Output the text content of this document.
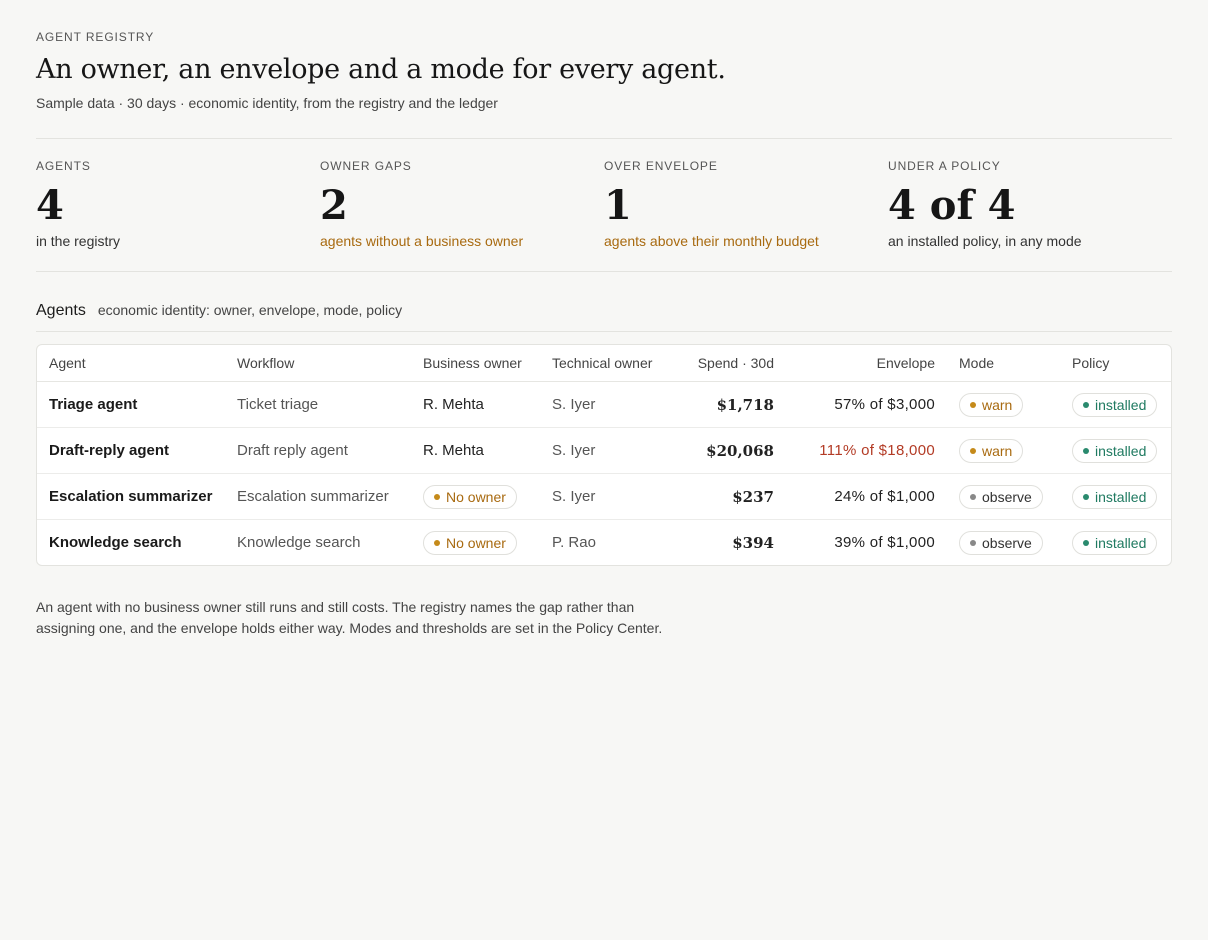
AGENT REGISTRY
An owner, an envelope and a mode for every agent.
Sample data · 30 days · economic identity, from the registry and the ledger
AGENTS
4
in the registry
OWNER GAPS
2
agents without a business owner
OVER ENVELOPE
1
agents above their monthly budget
UNDER A POLICY
4 of 4
an installed policy, in any mode
Agents economic identity: owner, envelope, mode, policy
Agent	Workflow	Business owner	Technical owner	Spend · 30d	Envelope	Mode	Policy
Triage agent	Ticket triage	R. Mehta	S. Iyer	$1,718	57% of $3,000	warn	installed

Draft-reply agent	Draft reply agent	R. Mehta	S. Iyer	$20,068	111% of $18,000	warn	installed

Escalation summarizer	Escalation summarizer	No owner	S. Iyer	$237	24% of $1,000	observe	installed

Knowledge search	Knowledge search	No owner	P. Rao	$394	39% of $1,000	observe	installed
An agent with no business owner still runs and still costs. The registry names the gap rather than assigning one, and the envelope holds either way. Modes and thresholds are set in the Policy Center.
